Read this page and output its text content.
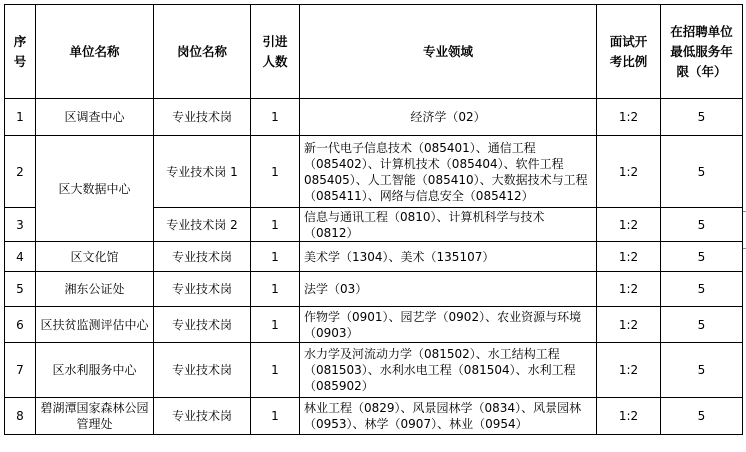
序号	单位名称	岗位名称	引进人数	专业领域	面试开考比例	在招聘单位最低服务年限（年）
1	区调查中心	专业技术岗	1	经济学（02）	1:2	5
2	区大数据中心	专业技术岗 1	1	新一代电子信息技术（085401）、通信工程（085402）、计算机技术（085404）、软件工程 085405）、人工智能（085410）、大数据技术与工程（085411）、网络与信息安全（085412）	1:2	5
3		专业技术岗 2	1	信息与通讯工程（0810）、计算机科学与技术（0812）	1:2	5
4	区文化馆	专业技术岗	1	美术学（1304）、美术（135107）	1:2	5
5	湘东公证处	专业技术岗	1	法学（03）	1:2	5
6	区扶贫监测评估中心	专业技术岗	1	作物学（0901）、园艺学（0902）、农业资源与环境（0903）	1:2	5
7	区水利服务中心	专业技术岗	1	水力学及河流动力学（081502）、水工结构工程（081503）、水利水电工程（081504）、水利工程（085902）	1:2	5
8	碧湖潭国家森林公园管理处	专业技术岗	1	林业工程（0829）、风景园林学（0834）、风景园林（0953）、林学（0907）、林业（0954）	1:2	5
